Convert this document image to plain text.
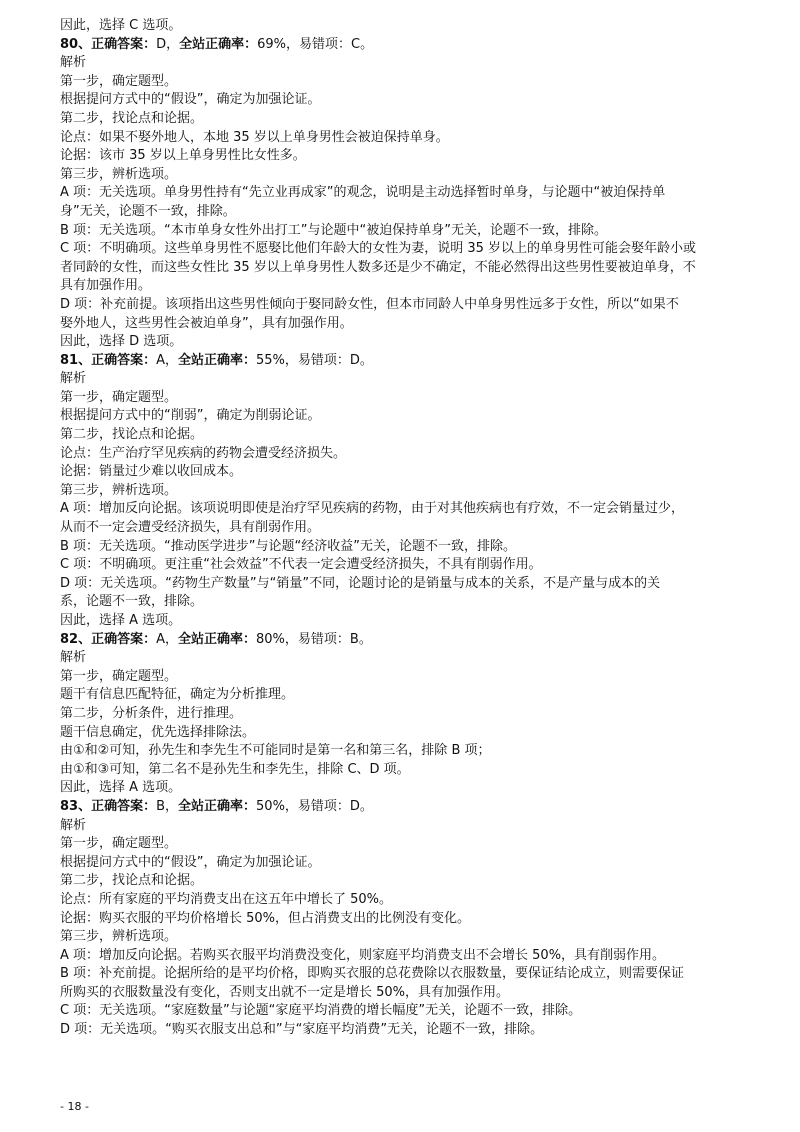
因此，选择 C 选项。
80、正确答案：D，全站正确率：69%，易错项：C。
解析
第一步，确定题型。
根据提问方式中的“假设”，确定为加强论证。
第二步，找论点和论据。
论点：如果不娶外地人，本地 35 岁以上单身男性会被迫保持单身。
论据：该市 35 岁以上单身男性比女性多。
第三步，辨析选项。
A 项：无关选项。单身男性持有“先立业再成家”的观念，说明是主动选择暂时单身，与论题中“被迫保持单
身”无关，论题不一致，排除。
B 项：无关选项。“本市单身女性外出打工”与论题中“被迫保持单身”无关，论题不一致，排除。
C 项：不明确项。这些单身男性不愿娶比他们年龄大的女性为妻，说明 35 岁以上的单身男性可能会娶年龄小或
者同龄的女性，而这些女性比 35 岁以上单身男性人数多还是少不确定，不能必然得出这些男性要被迫单身，不
具有加强作用。
D 项：补充前提。该项指出这些男性倾向于娶同龄女性，但本市同龄人中单身男性远多于女性，所以“如果不
娶外地人，这些男性会被迫单身”，具有加强作用。
因此，选择 D 选项。
81、正确答案：A，全站正确率：55%，易错项：D。
解析
第一步，确定题型。
根据提问方式中的“削弱”，确定为削弱论证。
第二步，找论点和论据。
论点：生产治疗罕见疾病的药物会遭受经济损失。
论据：销量过少难以收回成本。
第三步，辨析选项。
A 项：增加反向论据。该项说明即使是治疗罕见疾病的药物，由于对其他疾病也有疗效，不一定会销量过少，
从而不一定会遭受经济损失，具有削弱作用。
B 项：无关选项。“推动医学进步”与论题“经济收益”无关，论题不一致，排除。
C 项：不明确项。更注重“社会效益”不代表一定会遭受经济损失，不具有削弱作用。
D 项：无关选项。“药物生产数量”与“销量”不同，论题讨论的是销量与成本的关系，不是产量与成本的关
系，论题不一致，排除。
因此，选择 A 选项。
82、正确答案：A，全站正确率：80%，易错项：B。
解析
第一步，确定题型。
题干有信息匹配特征，确定为分析推理。
第二步，分析条件，进行推理。
题干信息确定，优先选择排除法。
由①和②可知，孙先生和李先生不可能同时是第一名和第三名，排除 B 项；
由①和③可知，第二名不是孙先生和李先生，排除 C、D 项。
因此，选择 A 选项。
83、正确答案：B，全站正确率：50%，易错项：D。
解析
第一步，确定题型。
根据提问方式中的“假设”，确定为加强论证。
第二步，找论点和论据。
论点：所有家庭的平均消费支出在这五年中增长了 50%。
论据：购买衣服的平均价格增长 50%，但占消费支出的比例没有变化。
第三步，辨析选项。
A 项：增加反向论据。若购买衣服平均消费没变化，则家庭平均消费支出不会增长 50%，具有削弱作用。
B 项：补充前提。论据所给的是平均价格，即购买衣服的总花费除以衣服数量，要保证结论成立，则需要保证
所购买的衣服数量没有变化，否则支出就不一定是增长 50%，具有加强作用。
C 项：无关选项。“家庭数量”与论题“家庭平均消费的增长幅度”无关，论题不一致，排除。
D 项：无关选项。“购买衣服支出总和”与“家庭平均消费”无关，论题不一致，排除。
- 18 -
